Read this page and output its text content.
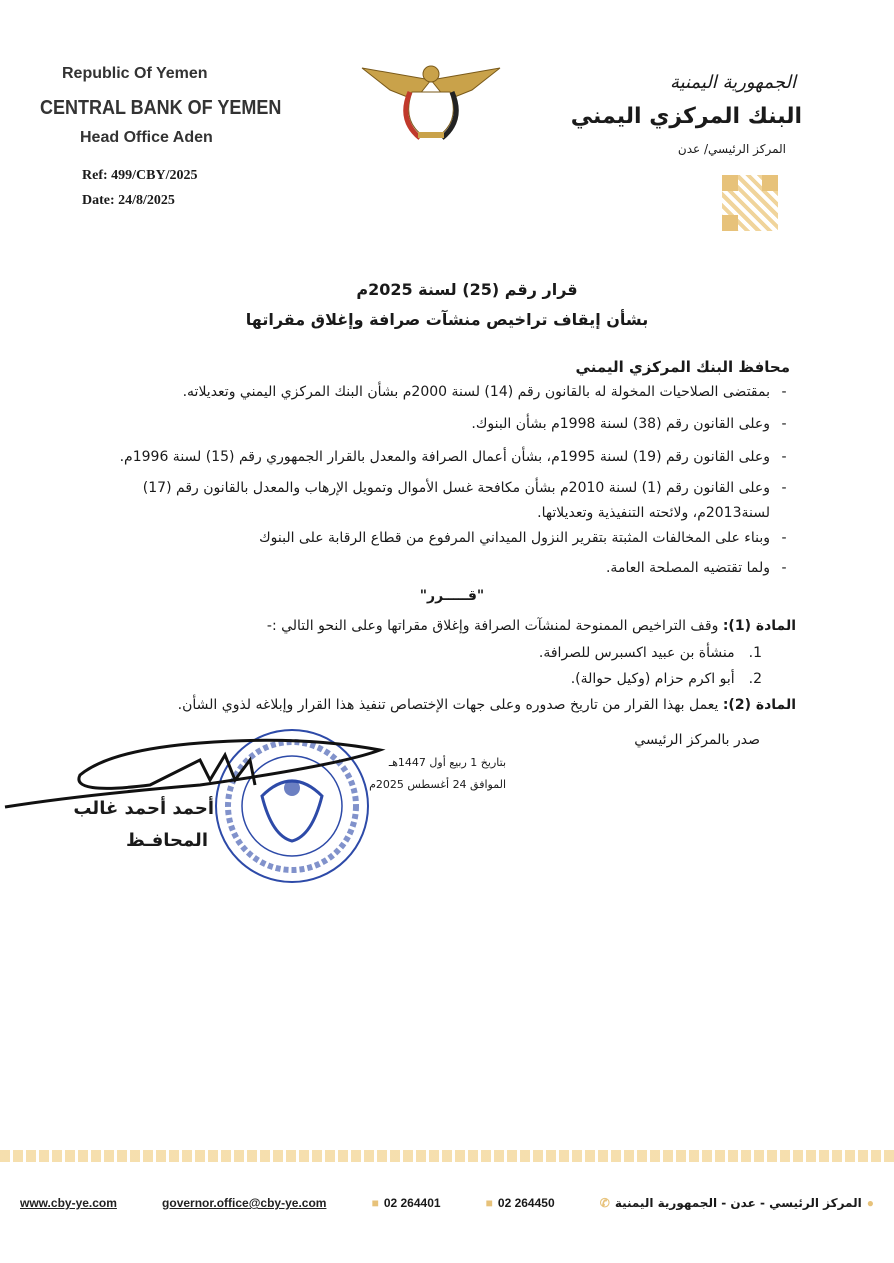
Republic Of Yemen
CENTRAL BANK OF YEMEN
Head Office Aden
Ref: 499/CBY/2025
Date: 24/8/2025
الجمهورية اليمنية
البنك المركزي اليمني
المركز الرئيسي/ عدن
قرار رقم (25) لسنة 2025م
بشأن إيقاف تراخيص منشآت صرافة وإغلاق مقراتها
محافظ البنك المركزي اليمني
-بمقتضى الصلاحيات المخولة له بالقانون رقم (14) لسنة 2000م بشأن البنك المركزي اليمني وتعديلاته.
-وعلى القانون رقم (38) لسنة 1998م بشأن البنوك.
-وعلى القانون رقم (19) لسنة 1995م، بشأن أعمال الصرافة والمعدل بالقرار الجمهوري رقم (15) لسنة 1996م.
-وعلى القانون رقم (1) لسنة 2010م بشأن مكافحة غسل الأموال وتمويل الإرهاب والمعدل بالقانون رقم (17)
لسنة2013م، ولائحته التنفيذية وتعديلاتها.
-وبناء على المخالفات المثبتة بتقرير النزول الميداني المرفوع من قطاع الرقابة على البنوك
-ولما تقتضيه المصلحة العامة.
"قـــــرر"
المادة (1): وقف التراخيص الممنوحة لمنشآت الصرافة وإغلاق مقراتها وعلى النحو التالي :-
1.منشأة بن عبيد اكسبرس للصرافة.
2.أبو اكرم حزام (وكيل حوالة).
المادة (2): يعمل بهذا القرار من تاريخ صدوره وعلى جهات الإختصاص تنفيذ هذا القرار وإبلاغه لذوي الشأن.
صدر بالمركز الرئيسي
بتاريخ 1 ربيع أول 1447هـ
الموافق 24 أغسطس 2025م
أحمد أحمد غالب
المحافـظ
www.cby-ye.com	governor.office@cby-ye.com	■ 02 264401	■ 02 264450	✆ المركز الرئيسي - عدن - الجمهورية اليمنية ●
